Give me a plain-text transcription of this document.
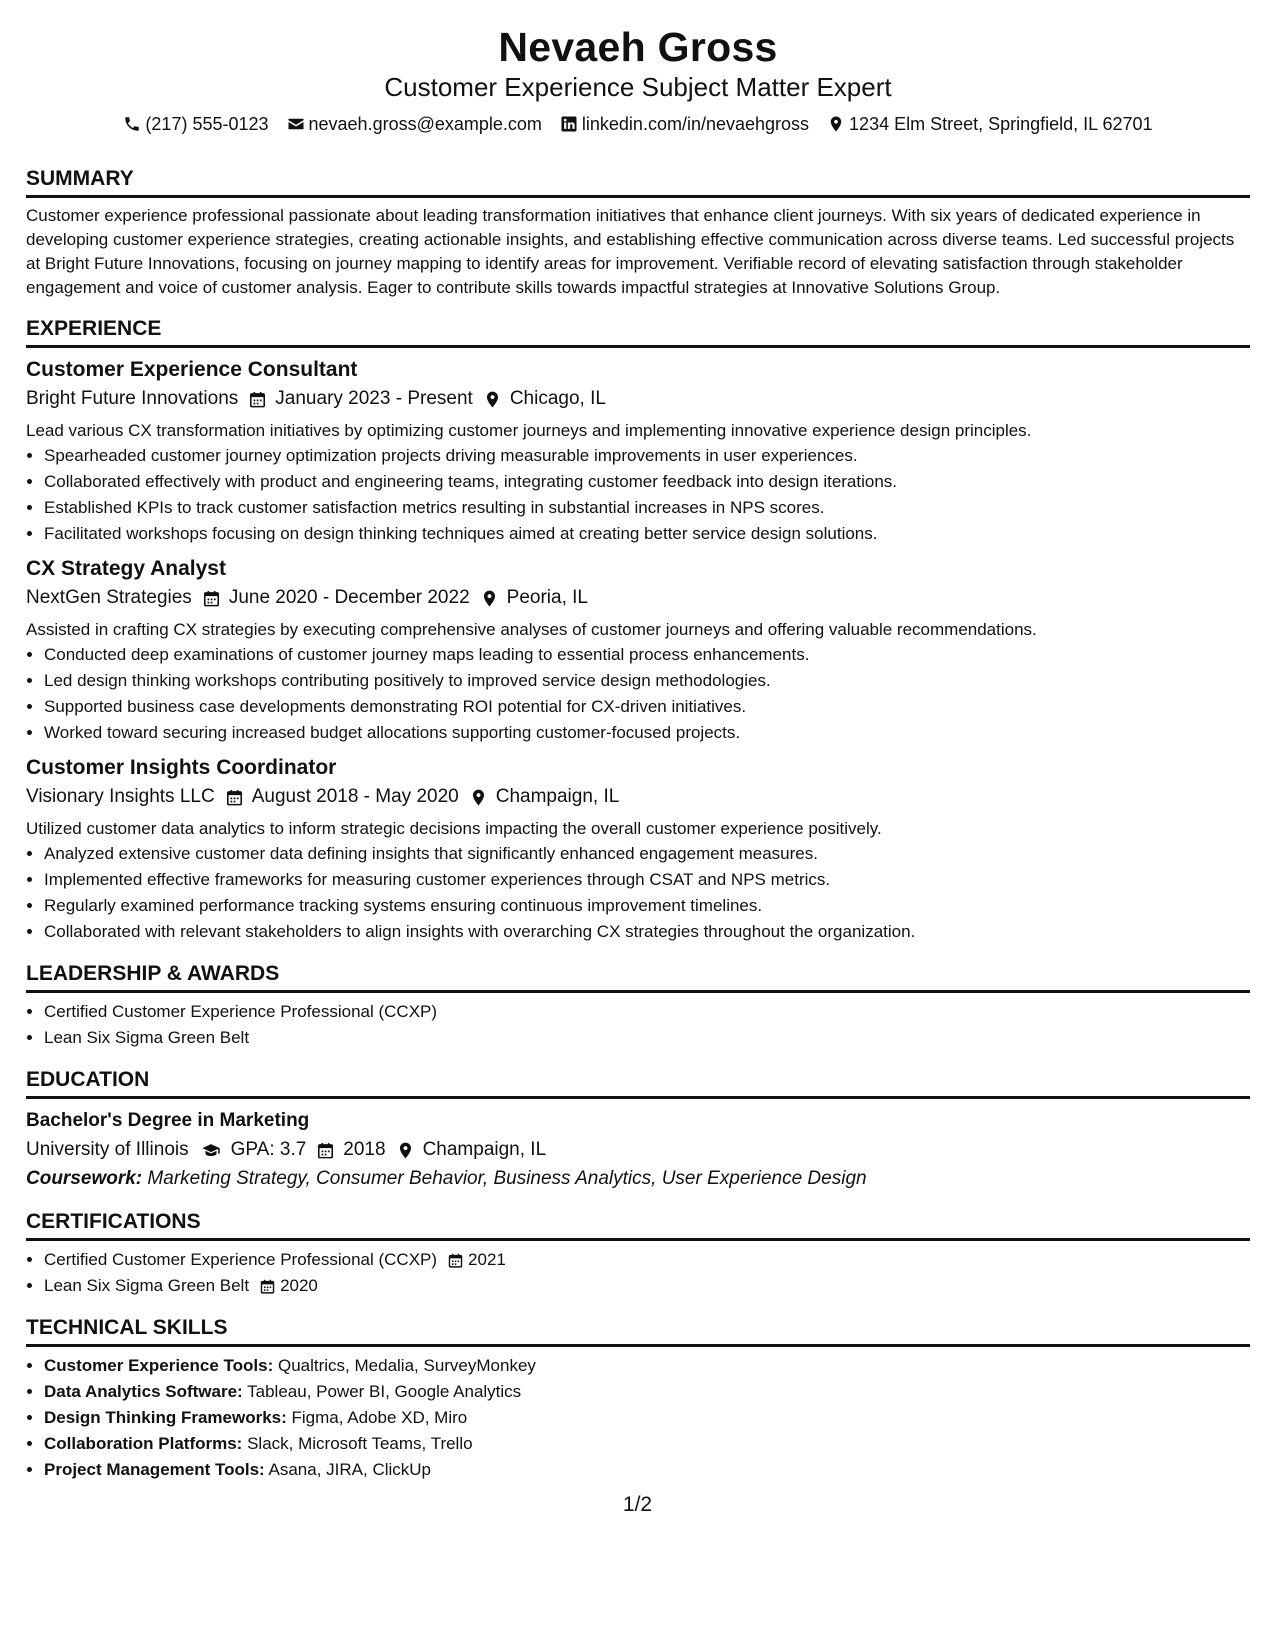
Nevaeh Gross
Customer Experience Subject Matter Expert
(217) 555-0123 nevaeh.gross@example.com linkedin.com/in/nevaehgross 1234 Elm Street, Springfield, IL 62701
SUMMARY
Customer experience professional passionate about leading transformation initiatives that enhance client journeys. With six years of dedicated experience in developing customer experience strategies, creating actionable insights, and establishing effective communication across diverse teams. Led successful projects at Bright Future Innovations, focusing on journey mapping to identify areas for improvement. Verifiable record of elevating satisfaction through stakeholder engagement and voice of customer analysis. Eager to contribute skills towards impactful strategies at Innovative Solutions Group.
EXPERIENCE
Customer Experience Consultant
Bright Future Innovations January 2023 - Present Chicago, IL
Lead various CX transformation initiatives by optimizing customer journeys and implementing innovative experience design principles.
• Spearheaded customer journey optimization projects driving measurable improvements in user experiences.
• Collaborated effectively with product and engineering teams, integrating customer feedback into design iterations.
• Established KPIs to track customer satisfaction metrics resulting in substantial increases in NPS scores.
• Facilitated workshops focusing on design thinking techniques aimed at creating better service design solutions.
CX Strategy Analyst
NextGen Strategies June 2020 - December 2022 Peoria, IL
Assisted in crafting CX strategies by executing comprehensive analyses of customer journeys and offering valuable recommendations.
• Conducted deep examinations of customer journey maps leading to essential process enhancements.
• Led design thinking workshops contributing positively to improved service design methodologies.
• Supported business case developments demonstrating ROI potential for CX-driven initiatives.
• Worked toward securing increased budget allocations supporting customer-focused projects.
Customer Insights Coordinator
Visionary Insights LLC August 2018 - May 2020 Champaign, IL
Utilized customer data analytics to inform strategic decisions impacting the overall customer experience positively.
• Analyzed extensive customer data defining insights that significantly enhanced engagement measures.
• Implemented effective frameworks for measuring customer experiences through CSAT and NPS metrics.
• Regularly examined performance tracking systems ensuring continuous improvement timelines.
• Collaborated with relevant stakeholders to align insights with overarching CX strategies throughout the organization.
LEADERSHIP & AWARDS
• Certified Customer Experience Professional (CCXP)
• Lean Six Sigma Green Belt
EDUCATION
Bachelor's Degree in Marketing
University of Illinois GPA: 3.7 2018 Champaign, IL
Coursework: Marketing Strategy, Consumer Behavior, Business Analytics, User Experience Design
CERTIFICATIONS
• Certified Customer Experience Professional (CCXP) 2021
• Lean Six Sigma Green Belt 2020
TECHNICAL SKILLS
• Customer Experience Tools: Qualtrics, Medalia, SurveyMonkey
• Data Analytics Software: Tableau, Power BI, Google Analytics
• Design Thinking Frameworks: Figma, Adobe XD, Miro
• Collaboration Platforms: Slack, Microsoft Teams, Trello
• Project Management Tools: Asana, JIRA, ClickUp
1/2
